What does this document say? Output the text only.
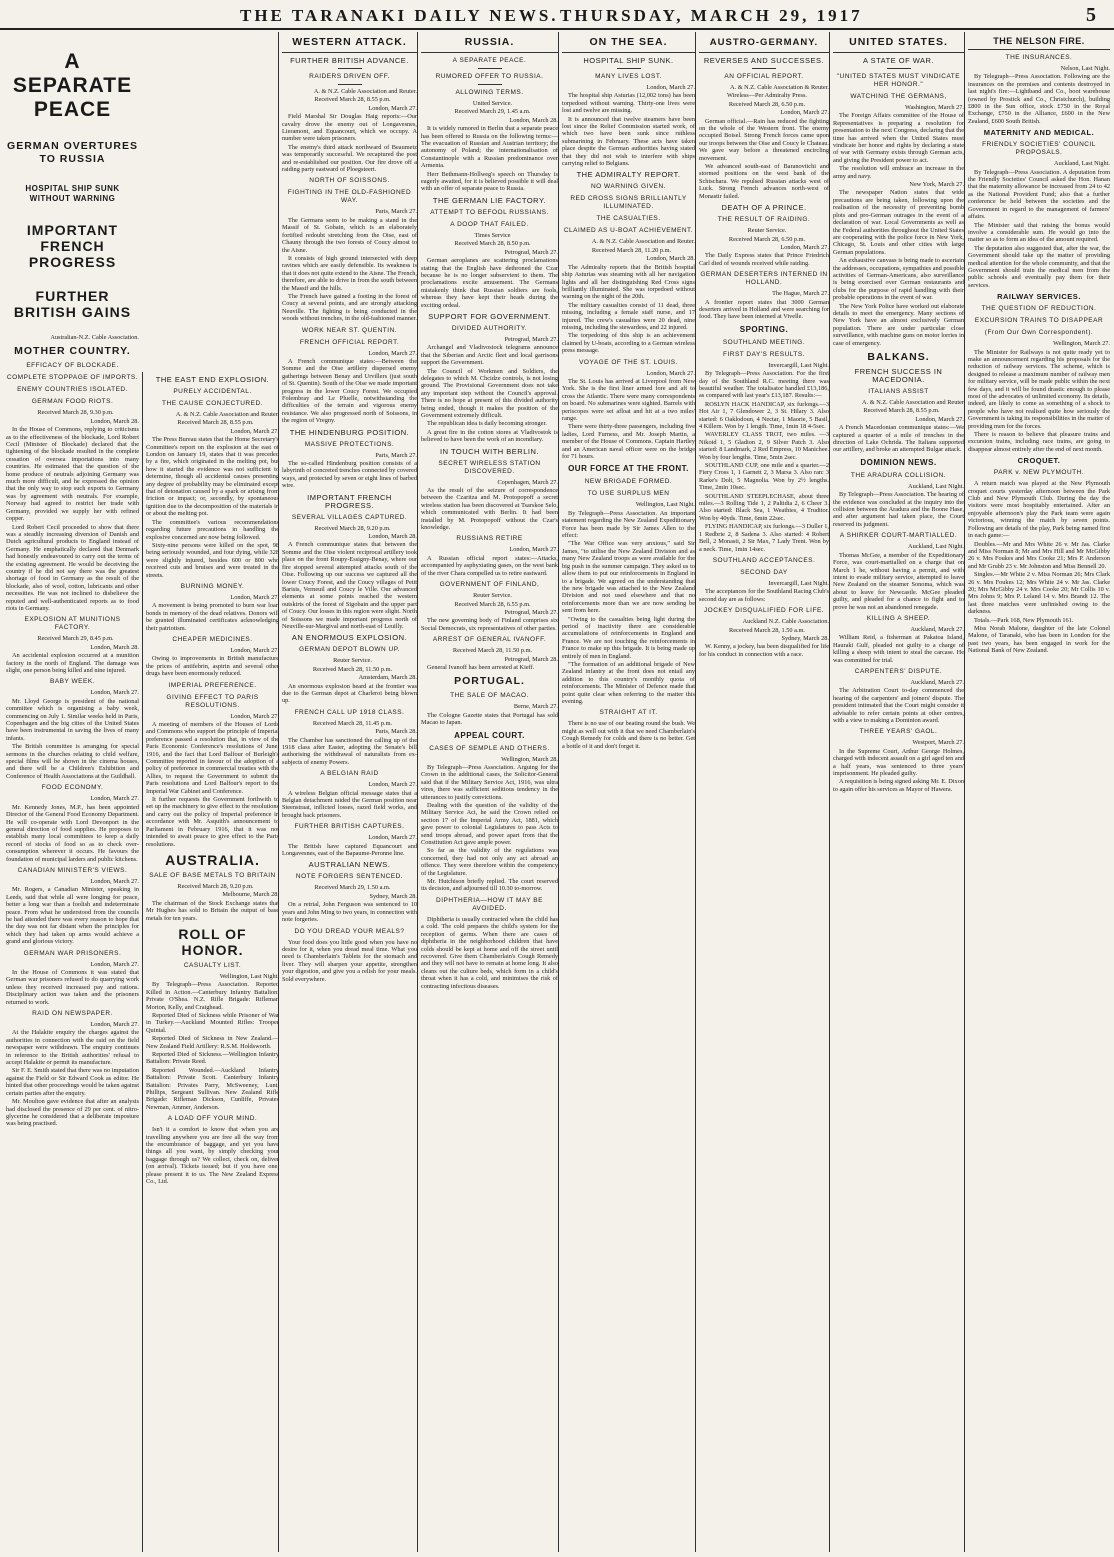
THE TARANAKI DAILY NEWS. THURSDAY, MARCH 29, 1917	5
A SEPARATE PEACE
GERMAN OVERTURES TO RUSSIA
HOSPITAL SHIP SUNK WITHOUT WARNING
IMPORTANT FRENCH PROGRESS
FURTHER BRITISH GAINS

Australian-N.Z. Cable Association.

MOTHER COUNTRY.
EFFICACY OF BLOCKADE.
COMPLETE STOPPAGE OF IMPORTS.
ENEMY COUNTRIES ISOLATED.
GERMAN FOOD RIOTS.

Received March 28, 9.30 p.m.

London, March 28.

In the House of Commons, replying to criticisms as to the effectiveness of the blockade, Lord Robert Cecil (Minister of Blockade) declared that the tightening of the blockade resulted in the complete cessation of oversea importations into many countries. He estimated that the question of the home produce of neutrals adjoining Germany was much more difficult, and he expressed the opinion that the only way to stop such exports to Germany was by agreement with neutrals. For example, Norway had agreed to restrict her trade with Germany, provided we supply her with refined copper.

Lord Robert Cecil proceeded to show that there was a steadily increasing diversion of Danish and Dutch agricultural products to England instead of Germany. He emphatically declared that Denmark had honestly endeavoured to carry out the terms of the existing agreement. He would be deceiving the country if he did not say there was the greatest shortage of food in Germany as the result of the blockade, also of wool, cotton, lubricants and other necessities. He was not inclined to disbelieve the reputed and well-authenticated reports as to food riots in Germany.

EXPLOSION AT MUNITIONS FACTORY.

Received March 29, 8.45 p.m.

London, March 28.

An accidental explosion occurred at a munition factory in the north of England. The damage was slight, one person being killed and nine injured.

BABY WEEK.

London, March 27.

Mr. Lloyd George is president of the national committee which is organising a baby week, commencing on July 1. Similar weeks held in Paris, Copenhagen and the big cities of the United States have been instrumental in saving the lives of many infants.

The British committee is arranging for special sermons in the churches relating to child welfare, special films will be shown in the cinema houses, and there will be a Children's Exhibition and Conference of Health Associations at the Guildhall.

FOOD ECONOMY.

London, March 27.

Mr. Kennedy Jones, M.P., has been appointed Director of the General Food Economy Department. He will co-operate with Lord Devonport in the general direction of food supplies. He proposes to establish many local committees to keep a daily record of stocks of food so as to check over-consumption wherever it occurs. He favours the foundation of municipal larders and public kitchens.

CANADIAN MINISTER'S VIEWS.

London, March 27.

Mr. Rogers, a Canadian Minister, speaking in Leeds, said that while all were longing for peace, better a long war than a foolish and indeterminate peace. From what he understood from the councils he had attended there was every reason to hope that the day was not far distant when the principles for which they had taken up arms would achieve a grand and glorious victory.

GERMAN WAR PRISONERS.

London, March 27.

In the House of Commons it was stated that German war prisoners refused to do quarrying work unless they received increased pay and rations. Disciplinary action was taken and the prisoners returned to work.

RAID ON NEWSPAPER.

London, March 27.

At the Halakite enquiry the charges against the authorities in connection with the raid on the field newspaper were withdrawn. The enquiry continues in reference to the British authorities' refusal to accept Halakite or permit its manufacture.

Sir F. E. Smith stated that there was no imputation against the Field or Sir Edward Cook as editor. He hinted that other proceedings would be taken against certain parties after the enquiry.

Mr. Moulton gave evidence that after an analysis had disclosed the presence of 29 per cent. of nitro-glycerine he considered that a deliberate imposture was being practised.

THE EAST END EXPLOSION.
PURELY ACCIDENTAL.
THE CAUSE CONJECTURED.

A. & N.Z. Cable Association and Reuter.

Received March 28, 8.55 p.m.

London, March 27.

The Press Bureau states that the Home Secretary's Committee's report on the explosion at the east of London on January 19, states that it was preceded by a fire, which originated in the melting pot, but how it started the evidence was not sufficient to determine, though all accidental causes presenting any degree of probability may be eliminated except that of detonation caused by a spark or arising from friction or impact; or, secondly, by spontaneous ignition due to the decomposition of the materials in or about the melting pot.

The committee's various recommendations regarding future precautions in handling the explosive concerned are now being followed.

Sixty-nine persons were killed on the spot, 98 being seriously wounded, and four dying, while 328 were slightly injured, besides 600 or 800 who received cuts and bruises and were treated in the streets.

BURNING MONEY.

London, March 27.

A movement is being promoted to burn war loan bonds in memory of the dead relatives. Donors will be granted illuminated certificates acknowledging their patriotism.

CHEAPER MEDICINES.

London, March 27.

Owing to improvements in British manufacture the prices of antifebrin, aspirin and several other drugs have been enormously reduced.

IMPERIAL PREFERENCE.
GIVING EFFECT TO PARIS RESOLUTIONS.

London, March 27.

A meeting of members of the Houses of Lords and Commons who support the principle of Imperial preference passed a resolution that, in view of the Paris Economic Conference's resolutions of June, 1916, and the fact that Lord Balfour of Burleigh's Committee reported in favour of the adoption of a policy of preference in commercial treaties with the Allies, to request the Government to submit the Paris resolutions and Lord Balfour's report to the Imperial War Cabinet and Conference.

It further requests the Government forthwith to set up the machinery to give effect to the resolutions and carry out the policy of Imperial preference in accordance with Mr. Asquith's announcement to Parliament in February 1916, that it was not intended to await peace to give effect to the Paris resolutions.

AUSTRALIA.
SALE OF BASE METALS TO BRITAIN

Received March 28, 9.20 p.m.

Melbourne, March 28.

The chairman of the Stock Exchange states that Mr Hughes has sold to Britain the output of base metals for ten years.

ROLL OF HONOR.
CASUALTY LIST.

Wellington, Last Night.

By Telegraph—Press Association. Reported Killed in Action.—Canterbury Infantry Battalion: Private O'Shea. N.Z. Rifle Brigade: Rifleman Morton, Kelly, and Craighead.

Reported Died of Sickness while Prisoner of War in Turkey.—Auckland Mounted Rifles: Trooper Quintal.

Reported Died of Sickness in New Zealand.—New Zealand Field Artillery: R.S.M. Holdsworth.

Reported Died of Sickness.—Wellington Infantry Battalion: Private Reed.

Reported Wounded.—Auckland Infantry Battalion: Private Scott. Canterbury Infantry Battalion: Privates Parry, McSweeney, Lunt, Phillips, Sergeant Sullivan. New Zealand Rifle Brigade: Rifleman Dickson, Cunliffe, Privates Newman, Ammer, Anderson.

A LOAD OFF YOUR MIND.

Isn't it a comfort to know that when you are travelling anywhere you are free all the way from the encumbrance of baggage, and yet you have things all you want, by simply checking your baggage through us? We collect, check on, deliver (on arrival). Tickets issued; but if you have one, please present it to us. The New Zealand Express Co., Ltd.

WESTERN ATTACK.
FURTHER BRITISH ADVANCE.
RAIDERS DRIVEN OFF.

A. & N.Z. Cable Association and Reuter.

Received March 28, 8.55 p.m.

London, March 27.

Field Marshal Sir Douglas Haig reports:—Our cavalry drove the enemy out of Longavesnes, Lieramont, and Equancourt, which we occupy. A number were taken prisoners.

The enemy's third attack northward of Beaumetz was temporarily successful. We recaptured the post and re-established our position. Our fire drove off a raiding party eastward of Ploegsteert.

NORTH OF SOISSONS.
FIGHTING IN THE OLD-FASHIONED WAY.

Paris, March 27.

The Germans seem to be making a stand in the Massif of St. Gobain, which is an elaborately fortified redoubt stretching from the Oise, east of Chauny through the two forests of Coucy almost to the Aisne.

It consists of high ground intersected with deep ravines which are easily defensible. Its weakness is that it does not quite extend to the Aisne. The French, therefore, are able to drive in from the south between the Massif and the hills.

The French have gained a footing in the forest of Coucy at several points, and are strongly attacking Neuville. The fighting is being conducted in the woods without trenches, in the old-fashioned manner.

WORK NEAR ST. QUENTIN.
FRENCH OFFICIAL REPORT.

London, March 27.

A French communique states:—Between the Somme and the Oise artillery dispersed enemy gatherings between Benay and Urvillers (just south of St. Quentin). South of the Oise we made important progress in the lower Coucy Forest. We occupied Folembray and Le Pluelle, notwithstanding the difficulties of the terrain and vigorous enemy resistance. We also progressed north of Soissons, in the region of Vregny.

THE HINDENBURG POSITION.
MASSIVE PROTECTIONS.

Paris, March 27.

The so-called Hindenburg position consists of a labyrinth of concreted trenches connected by covered ways, and protected by seven or eight lines of barbed wire.

IMPORTANT FRENCH PROGRESS.
SEVERAL VILLAGES CAPTURED.

Received March 28, 9.20 p.m.

London, March 28.

A French communique states that between the Somme and the Oise violent reciprocal artillery took place on the front Roupy-Essigny-Benay, where our fire stopped several attempted attacks south of the Oise. Following up our success we captured all the lower Coucy Forest, and the Coucy villages of Petit Barisis, Verneuil and Coucy le Ville. Our advanced elements at some points reached the western outskirts of the forest of Sigobain and the upper part of Coucy. Our losses in this region were slight. North of Soissons we made important progress north of Neuville-sur-Margival and north-east of Leuilly.

AN ENORMOUS EXPLOSION.
GERMAN DEPOT BLOWN UP.

Reuter Service.

Received March 28, 11.50 p.m.

Amsterdam, March 28.

An enormous explosion heard at the frontier was due to the German depot at Charleroi being blown up.

FRENCH CALL UP 1918 CLASS.

Received March 28, 11.45 p.m.

Paris, March 28.

The Chamber has sanctioned the calling up of the 1918 class after Easter, adopting the Senate's bill authorising the withdrawal of naturalists from ex-subjects of enemy Powers.

A BELGIAN RAID

London, March 27.

A wireless Belgian official message states that a Belgian detachment raided the German position near Steenstraat, inflicted losses, razed field works, and brought back prisoners.

FURTHER BRITISH CAPTURES.

London, March 27.

The British have captured Equancourt and Longavesnes, east of the Bapaume-Peronne line.

AUSTRALIAN NEWS.
NOTE FORGERS SENTENCED.

Received March 29, 1.50 a.m.

Sydney, March 28.

On a retrial, John Ferguson was sentenced to 10 years and John Ming to two years, in connection with note forgeries.

DO YOU DREAD YOUR MEALS?

Your food does you little good when you have no desire for it, when you dread meal time. What you need is Chamberlain's Tablets for the stomach and liver. They will sharpen your appetite, strengthen your digestion, and give you a relish for your meals. Sold everywhere.

RUSSIA.
A SEPARATE PEACE.
RUMORED OFFER TO RUSSIA.
ALLOWING TERMS.

United Service.

Received March 29, 1.45 a.m.

London, March 28.

It is widely rumored in Berlin that a separate peace has been offered to Russia on the following terms:—The evacuation of Russian and Austrian territory; the autonomy of Poland; the internationalisation of Constantinople with a Russian predominance over Armenia.

Herr Bethmann-Hollweg's speech on Thursday is eagerly awaited, for it is believed possible it will deal with an offer of separate peace to Russia.

THE GERMAN LIE FACTORY.
ATTEMPT TO BEFOOL RUSSIANS.
A DOOP THAT FAILED.

Times Service

Received March 28, 8.50 p.m.

Petrograd, March 27.

German aeroplanes are scattering proclamations stating that the English have dethroned the Czar because he is no longer subservient to them. The proclamations excite amusement. The Germans mistakenly think that Russian soldiers are fools, whereas they have kept their heads during the exciting ordeal.

SUPPORT FOR GOVERNMENT.
DIVIDED AUTHORITY.

Petrograd, March 27.

Archangel and Vladivostock telegrams announce that the Siberian and Arctic fleet and local garrisons support the Government.

The Council of Workmen and Soldiers, the delegates to which M. Chcidze controls, is not losing ground. The Provisional Government does not take any important step without the Council's approval. There is no hope at present of this divided authority being ended, though it makes the position of the Government extremely difficult.

The republican idea is daily becoming stronger.

A great fire in the cotton stores at Vladivostok is believed to have been the work of an incendiary.

IN TOUCH WITH BERLIN.
SECRET WIRELESS STATION DISCOVERED.

Copenhagen, March 27.

As the result of the seizure of correspondence between the Czaritza and M. Protopopoff a secret wireless station has been discovered at Tsarskoe Selo, which communicated with Berlin. It had been installed by M. Protopopoff without the Czar's knowledge.

RUSSIANS RETIRE

London, March 27.

A Russian official report states:—Attacks, accompanied by asphyxiating gases, on the west bank of the river Chara compelled us to retire eastward.

GOVERNMENT OF FINLAND,

Reuter Service.

Received March 28, 6.55 p.m.

Petrograd, March 27.

The new governing body of Finland comprises six Social Democrats, six representatives of other parties.

ARREST OF GENERAL IVANOFF.

Received March 28, 11.50 p.m.

Petrograd, March 28.

General Ivanoff has been arrested at Kieff.

PORTUGAL.
THE SALE OF MACAO.

Berne, March 27.

The Cologne Gazette states that Portugal has sold Macao to Japan.

APPEAL COURT.
CASES OF SEMPLE AND OTHERS.

Wellington, March 28.

By Telegraph—Press Association. Arguing for the Crown in the additional cases, the Solicitor-General said that if the Military Service Act, 1916, was ultra vires, there was sufficient seditious tendency in the utterances to justify convictions.

Dealing with the question of the validity of the Military Service Act, he said the Crown relied on section 17 of the Imperial Army Act, 1881, which gave power to colonial Legislatures to pass Acts to send troops abroad, and power apart from that the Constitution Act gave ample power.

So far as the validity of the regulations was concerned, they had not only any act abroad an offence. They were therefore within the competency of the Legislature.

Mr. Hutchison briefly replied. The court reserved its decision, and adjourned till 10.30 to-morrow.

DIPHTHERIA—HOW IT MAY BE AVOIDED.

Diphtheria is usually contracted when the child has a cold. The cold prepares the child's system for the reception of germs. When there are cases of diphtheria in the neighborhood children that have colds should be kept at home and off the street until recovered. Give them Chamberlain's Cough Remedy and they will not have to remain at home long. It also cleans out the culture beds, which form in a child's throat when it has a cold, and minimises the risk of contracting infectious diseases.

ON THE SEA.
HOSPITAL SHIP SUNK.
MANY LIVES LOST.

London, March 27.

The hospital ship Asturias (12,002 tons) has been torpedoed without warning. Thirty-one lives were lost and twelve are missing.

It is announced that twelve steamers have been lost since the Relief Commission started work, of which two have been sunk since ruthless submarining in February. These acts have taken place despite the German authorities having stated that they did not wish to interfere with ships carrying relief to Belgians.

THE ADMIRALTY REPORT.
NO WARNING GIVEN.
RED CROSS SIGNS BRILLIANTLY ILLUMINATED.
THE CASUALTIES.
CLAIMED AS U-BOAT ACHIEVEMENT.

A. & N.Z. Cable Association and Reuter.

Received March 28, 11.20 p.m.

London, March 28.

The Admiralty reports that the British hospital ship Asturias was steaming with all her navigation lights and all her distinguishing Red Cross signs brilliantly illuminated. She was torpedoed without warning on the night of the 20th.

The military casualties consist of 11 dead, three missing, including a female staff nurse, and 17 injured. The crew's casualties were 20 dead, nine missing, including the stewardess, and 22 injured.

The torpedoing of this ship is an achievement claimed by U-boats, according to a German wireless press message.

VOYAGE OF THE ST. LOUIS.

London, March 27.

The St. Louis has arrived at Liverpool from New York. She is the first liner armed fore and aft to cross the Atlantic. There were many correspondents on board. No submarines were sighted. Barrels with periscopes were set afloat and hit at a two miles' range.

There were thirty-three passengers, including five ladies, Lord Furness, and Mr. Joseph Martin, a member of the House of Commons. Captain Hartley and an American naval officer were on the bridge for 71 hours.

OUR FORCE AT THE FRONT.
NEW BRIGADE FORMED.
TO USE SURPLUS MEN

Wellington, Last Night.

By Telegraph—Press Association. An important statement regarding the New Zealand Expeditionary Force has been made by Sir James Allen to the effect:

"The War Office was very anxious," said Sir James, "to utilise the New Zealand Division and as many New Zealand troops as were available for the big push in the summer campaign. They asked us to allow them to put our reinforcements in England in to a brigade. We agreed on the understanding that the new brigade was attached to the New Zealand Division and not used elsewhere and that no reinforcements more than we are now sending be sent from here.

"Owing to the casualties being light during the period of inactivity there are considerable accumulations of reinforcements in England and France. We are not touching the reinforcements in France to make up this brigade. It is being made up entirely of men in England.

"The formation of an additional brigade of New Zealand infantry at the front does not entail any addition to this country's monthly quota of reinforcements. The Minister of Defence made that point quite clear when referring to the matter this evening.

STRAIGHT AT IT.

There is no use of our beating round the bush. We might as well out with it that we need Chamberlain's Cough Remedy for colds and there is no better. Get a bottle of it and don't forget it.

AUSTRO-GERMANY.
REVERSES AND SUCCESSES.
AN OFFICIAL REPORT.

A. & N.Z. Cable Association & Reuter.

Wireless—Per Admiralty Press.

Received March 28, 6.50 p.m.

London, March 27.

German official.—Rain has reduced the fighting on the whole of the Western front. The enemy occupied Boisel. Strong French forces came upon our troops between the Oise and Coucy le Chateau. We gave way before a threatened encircling movement.

We advanced south-east of Baranovitchi and stormed positions on the west bank of the Schtschara. We repulsed Russian attacks west of Luck. Strong French advances north-west of Monastir failed.

DEATH OF A PRINCE.
THE RESULT OF RAIDING.

Reuter Service.

Received March 28, 6.50 p.m.

London, March 27.

The Daily Express states that Prince Friedrich Carl died of wounds received while raiding.

GERMAN DESERTERS INTERNED IN HOLLAND.

The Hague, March 27.

A frontier report states that 3000 German deserters arrived in Holland and were searching for food. They have been interned at Vivelle.

SPORTING.
SOUTHLAND MEETING.
FIRST DAY'S RESULTS.

Invercargill, Last Night.

By Telegraph—Press Association. For the first day of the Southland R.C. meeting there was beautiful weather. The totalisator handled £13,186, as compared with last year's £13,187. Results:—

ROSLYN HACK HANDICAP, six furlongs.—3 Hot Air 1, 7 Glendower 2, 3 St. Hilary 3. Also started: 6 Oaklodoun, 4 Nectar, 1 Maorie, 5 Basil, 4 Killern. Won by 1 length. Time, 1min 18 4-5sec.

WAVERLEY CLASS TROT, two miles. —3 Nikoid 1, 5 Gladion 2, 9 Silver Patch 3. Also started: 8 Landmark, 2 Red Empress, 10 Manichee. Won by four lengths. Time, 5min 2sec.

SOUTHLAND CUP, one mile and a quarter.—2 Fiery Cross 1, 1 Garnett 2, 3 Marsa 3. Also ran: 3 Rarke's Dolt, 5 Magnolia. Won by 2½ lengths. Time, 2min 10sec.

SOUTHLAND STEEPLECHASE, about three miles.—3 Rolling Tide 1, 2 Paltidia 2, 6 Cheer 3. Also started: Black Sea, 1 Weathies, 4 Truditor. Won by 40yds. Time, 6min 22sec.

FLYING HANDICAP, six furlongs.—3 Duller 1, 1 Redbrie 2, 8 Sadena 3. Also started: 4 Robert Bell, 2 Monasti, 2 Sir Max, 7 Lady Trent. Won by a neck. Time, 1min 14sec.

SOUTHLAND ACCEPTANCES.
SECOND DAY

Invercargill, Last Night.

The acceptances for the Southland Racing Club's second day are as follows:

JOCKEY DISQUALIFIED FOR LIFE.

Auckland N.Z. Cable Association.

Received March 28, 1.50 a.m.

Sydney, March 28.

W. Kenny, a jockey, has been disqualified for life for his conduct in connection with a race.

UNITED STATES.
A STATE OF WAR.
"UNITED STATES MUST VINDICATE HER HONOR."
WATCHING THE GERMANS,

Washington, March 27.

The Foreign Affairs committee of the House of Representatives is preparing a resolution for presentation to the next Congress, declaring that the time has arrived when the United States must vindicate her honor and rights by declaring a state of war with Germany exists through German acts, and giving the President power to act.

The resolution will embrace an increase in the army and navy.

New York, March 27.

The newspaper Nation states that wide precautions are being taken, following upon the realisation of the necessity of preventing bomb plots and pro-German outrages in the event of a declaration of war. Local Governments as well as the Federal authorities throughout the United States are cooperating with the police force in New York, Chicago, St. Louis and other cities with large German populations.

An exhaustive canvass is being made to ascertain the addresses, occupations, sympathies and possible activities of German-Americans, also surveillance is being exercised over German restaurants and clubs for the purpose of rapid handling with their probable operations in the event of war.

The New York Police have worked out elaborate details to meet the emergency. Many sections of New York have an almost exclusively German population. There are under particular close surveillance, with machine guns on motor lorries in case of emergency.

BALKANS.
FRENCH SUCCESS IN MACEDONIA.
ITALIANS ASSIST

A. & N.Z. Cable Association and Reuter

Received March 28, 8.55 p.m.

London, March 27.

A French Macedonian communique states:—We captured a quarter of a mile of trenches in the direction of Lake Ochrida. The Italians supported our artillery, and broke an attempted Bulgar attack.

DOMINION NEWS.
THE ARADURA COLLISION.

Auckland, Last Night.

By Telegraph—Press Association. The hearing of the evidence was concluded at the inquiry into the collision between the Aradura and the Boone Hase, and after argument had taken place, the Court reserved its judgment.

A SHIRKER COURT-MARTIALLED.

Auckland, Last Night.

Thomas McGee, a member of the Expeditionary Force, was court-martialled on a charge that on March 1 he, without having a permit, and with intent to evade military service, attempted to leave New Zealand on the steamer Sonoma, which was about to leave for Newcastle. McGee pleaded guilty, and pleaded for a chance to fight and to prove he was not an abandoned renegade.

KILLING A SHEEP.

Auckland, March 27.

William Reid, a fisherman at Pakatoa Island, Hauraki Gulf, pleaded not guilty to a charge of killing a sheep with intent to steal the carcase. He was committed for trial.

CARPENTERS' DISPUTE.

Auckland, March 27.

The Arbitration Court to-day commenced the hearing of the carpenters' and joiners' dispute. The president intimated that the Court might consider it advisable to refer certain points at other centres, with a view to making a Dominion award.

THREE YEARS' GAOL.

Westport, March 27.

In the Supreme Court, Arthur George Holmes, charged with indecent assault on a girl aged ten and a half years, was sentenced to three years' imprisonment. He pleaded guilty.

A requisition is being signed asking Mr. E. Dixon to again offer his services as Mayor of Hawera.

THE NELSON FIRE.
THE INSURANCES.

Nelson, Last Night.

By Telegraph—Press Association. Following are the insurances on the premises and contents destroyed in last night's fire:—Lightband and Co., boot warehouse (owned by Prostick and Co., Christchurch), building £800 in the Sun office, stock £750 in the Royal Exchange, £750 in the Alliance, £600 in the New Zealand, £600 South British.

MATERNITY AND MEDICAL.
FRIENDLY SOCIETIES' COUNCIL PROPOSALS.

Auckland, Last Night.

By Telegraph—Press Association. A deputation from the Friendly Societies' Council asked the Hon. Hanan that the maternity allowance be increased from 24 to 42 as the National Provident Fund; also that a further conference be held between the societies and the Government in regard to the management of farmers' affairs.

The Minister said that raising the bonus would involve a considerable sum. He would go into the matter so as to form an idea of the amount required.

The deputation also suggested that, after the war, the Government should take up the matter of providing medical attention for the whole community, and that the Government should train the medical men from the public schools and eventually pay them for their services.

RAILWAY SERVICES.
THE QUESTION OF REDUCTION.
EXCURSION TRAINS TO DISAPPEAR
(From Our Own Correspondent).

Wellington, March 27.

The Minister for Railways is not quite ready yet to make an announcement regarding his proposals for the reduction of railway services. The scheme, which is designed to release a maximum number of railway men for military service, will be made public within the next few days, and it will be found drastic enough to please most of the advocates of unlimited economy. Its details, indeed, are likely to come as something of a shock to people who have not realised quite how seriously the Government is taking its responsibilities in the matter of providing men for the forces.

There is reason to believe that pleasure trains and excursion trains, including race trains, are going to disappear almost entirely after the end of next month.

CROQUET.
PARK v. NEW PLYMOUTH.

A return match was played at the New Plymouth croquet courts yesterday afternoon between the Park Club and New Plymouth Club. During the day the visitors were most hospitably entertained. After an enjoyable afternoon's play the Park team were again victorious, winning the match by seven points. Following are details of the play, Park being named first in each game:—

Doubles.—Mr and Mrs White 26 v. Mr Jas. Clarke and Miss Norman 8; Mr and Mrs Hill and Mr McGibby 26 v. Mrs Foukes and Mrs Cooke 21; Mrs P. Anderson and Mr Grubb 23 v. Mr Johnston and Miss Bennell 20.

Singles.—Mr White 2 v. Miss Norman 26; Mrs Clark 26 v. Mrs Foukes 12; Mrs White 24 v. Mr Jas. Clarke 20; Mrs McGibby 24 v. Mrs Cooke 20; Mr Collis 10 v. Mrs Johns 9; Mrs P. Leland 14 v. Mrs Brandt 12. The last three matches were unfinished owing to the darkness.

Totals.—Park 168, New Plymouth 161.

Miss Norah Malone, daughter of the late Colonel Malone, of Taranaki, who has been in London for the past two years, has been engaged in work for the National Bank of New Zealand.
